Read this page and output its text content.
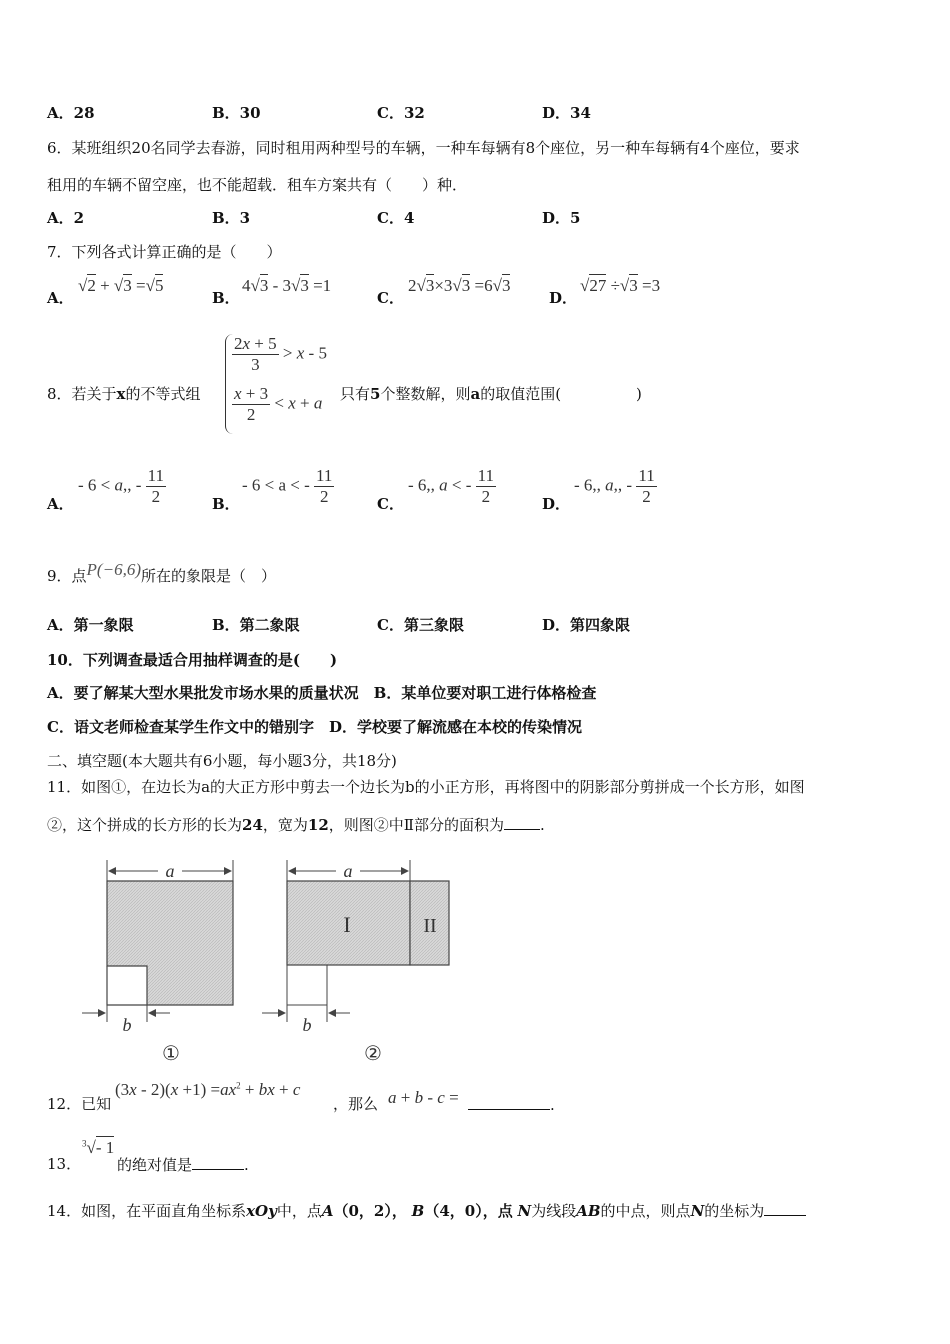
A．28	B．30	C．32	D．34
6．某班组织20名同学去春游，同时租用两种型号的车辆，一种车每辆有8个座位，另一种车每辆有4个座位，要求
租用的车辆不留空座，也不能超载．租车方案共有（　　）种．
A．2	B．3	C．4	D．5
7．下列各式计算正确的是（　　）
A．
√2 + √3 =√5
B．
4√3 - 3√3 =1
C．
2√3×3√3 =6√3
D．
√27 ÷√3 =3
8．若关于x的不等式组
$\frac{2x + 5}{3} > x - 5$
$\frac{x + 3}{2} < x + a$	只有5个整数解，则a的取值范围(　　　　　)
A．
- 6 < a,, - $\frac{11}{2}$	B．
- 6 < a < - $\frac{11}{2}$	C．
- 6,, a < - $\frac{11}{2}$	D．
- 6,, a,, - $\frac{11}{2}$
9．点P(−6,6)所在的象限是（　）
A．第一象限	B．第二象限	C．第三象限	D．第四象限
10．下列调查最适合用抽样调查的是(　　)
A．要了解某大型水果批发市场水果的质量状况　B．某单位要对职工进行体格检查
C．语文老师检查某学生作文中的错别字　D．学校要了解流感在本校的传染情况
二、填空题(本大题共有6小题，每小题3分，共18分)
11．如图①，在边长为a的大正方形中剪去一个边长为b的小正方形，再将图中的阴影部分剪拼成一个长方形，如图
②，这个拼成的长方形的长为24，宽为12，则图②中Ⅱ部分的面积为 .
a
b
①
I	II
a
b
②
12．已知
$(3x - 2)(x +1) =ax^2$ + bx + c
，那么 a + b - c =	.
13．
$^3$√- 1
的绝对值是	.
14．如图，在平面直角坐标系xOy中，点A（0，2）， B（4，0），点 N为线段AB的中点，则点N的坐标为
